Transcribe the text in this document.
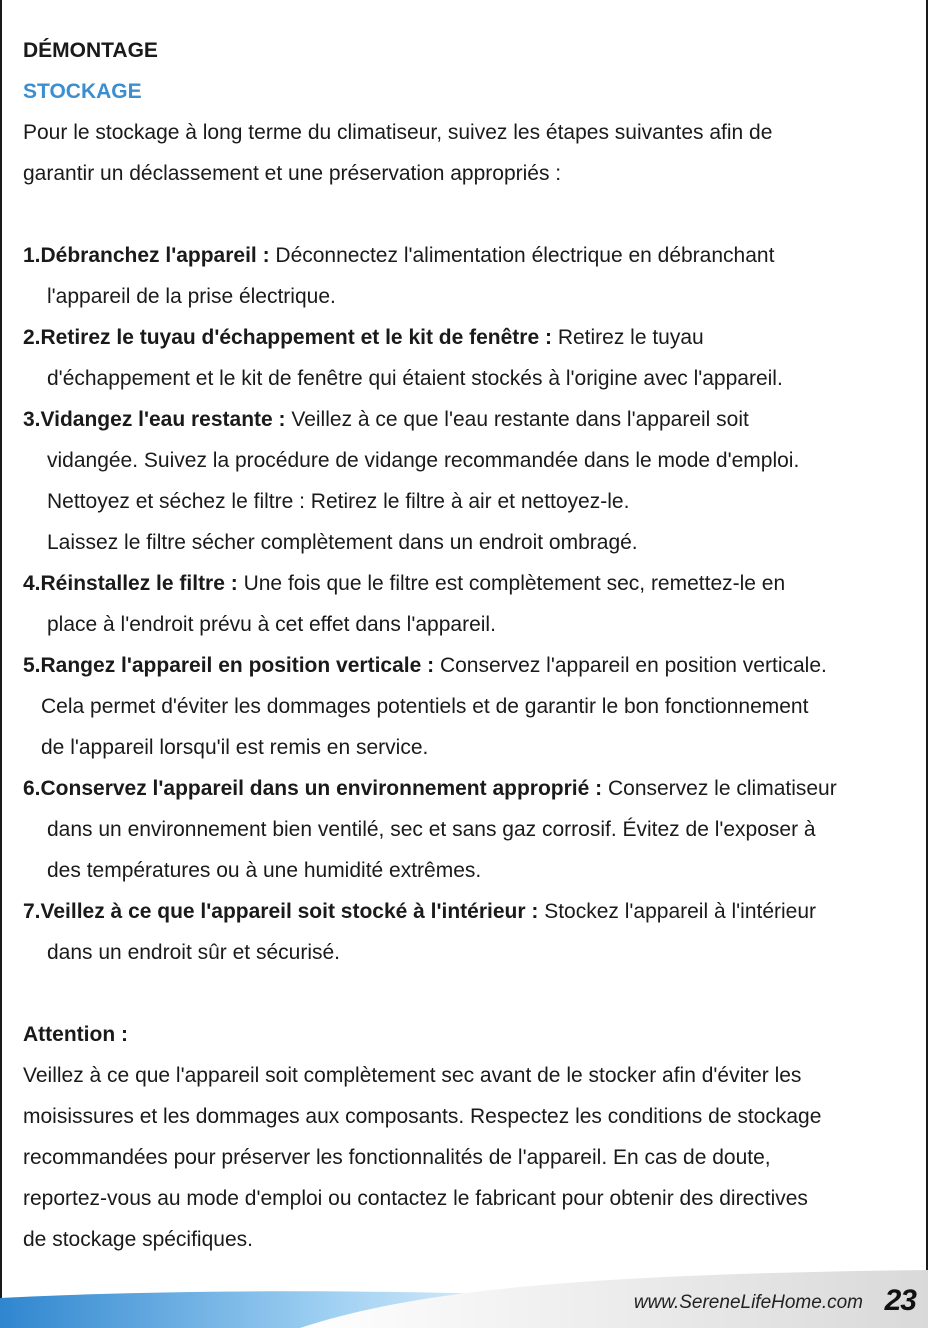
DÉMONTAGE
STOCKAGE
Pour le stockage à long terme du climatiseur, suivez les étapes suivantes afin de
garantir un déclassement et une préservation appropriés :
1.Débranchez l'appareil : Déconnectez l'alimentation électrique en débranchant
l'appareil de la prise électrique.
2.Retirez le tuyau d'échappement et le kit de fenêtre : Retirez le tuyau
d'échappement et le kit de fenêtre qui étaient stockés à l'origine avec l'appareil.
3.Vidangez l'eau restante : Veillez à ce que l'eau restante dans l'appareil soit
vidangée. Suivez la procédure de vidange recommandée dans le mode d'emploi.
Nettoyez et séchez le filtre : Retirez le filtre à air et nettoyez-le.
Laissez le filtre sécher complètement dans un endroit ombragé.
4.Réinstallez le filtre : Une fois que le filtre est complètement sec, remettez-le en
place à l'endroit prévu à cet effet dans l'appareil.
5.Rangez l'appareil en position verticale : Conservez l'appareil en position verticale.
Cela permet d'éviter les dommages potentiels et de garantir le bon fonctionnement
de l'appareil lorsqu'il est remis en service.
6.Conservez l'appareil dans un environnement approprié : Conservez le climatiseur
dans un environnement bien ventilé, sec et sans gaz corrosif. Évitez de l'exposer à
des températures ou à une humidité extrêmes.
7.Veillez à ce que l'appareil soit stocké à l'intérieur : Stockez l'appareil à l'intérieur
dans un endroit sûr et sécurisé.
Attention :
Veillez à ce que l'appareil soit complètement sec avant de le stocker afin d'éviter les
moisissures et les dommages aux composants. Respectez les conditions de stockage
recommandées pour préserver les fonctionnalités de l'appareil. En cas de doute,
reportez-vous au mode d'emploi ou contactez le fabricant pour obtenir des directives
de stockage spécifiques.
www.SereneLifeHome.com 23
